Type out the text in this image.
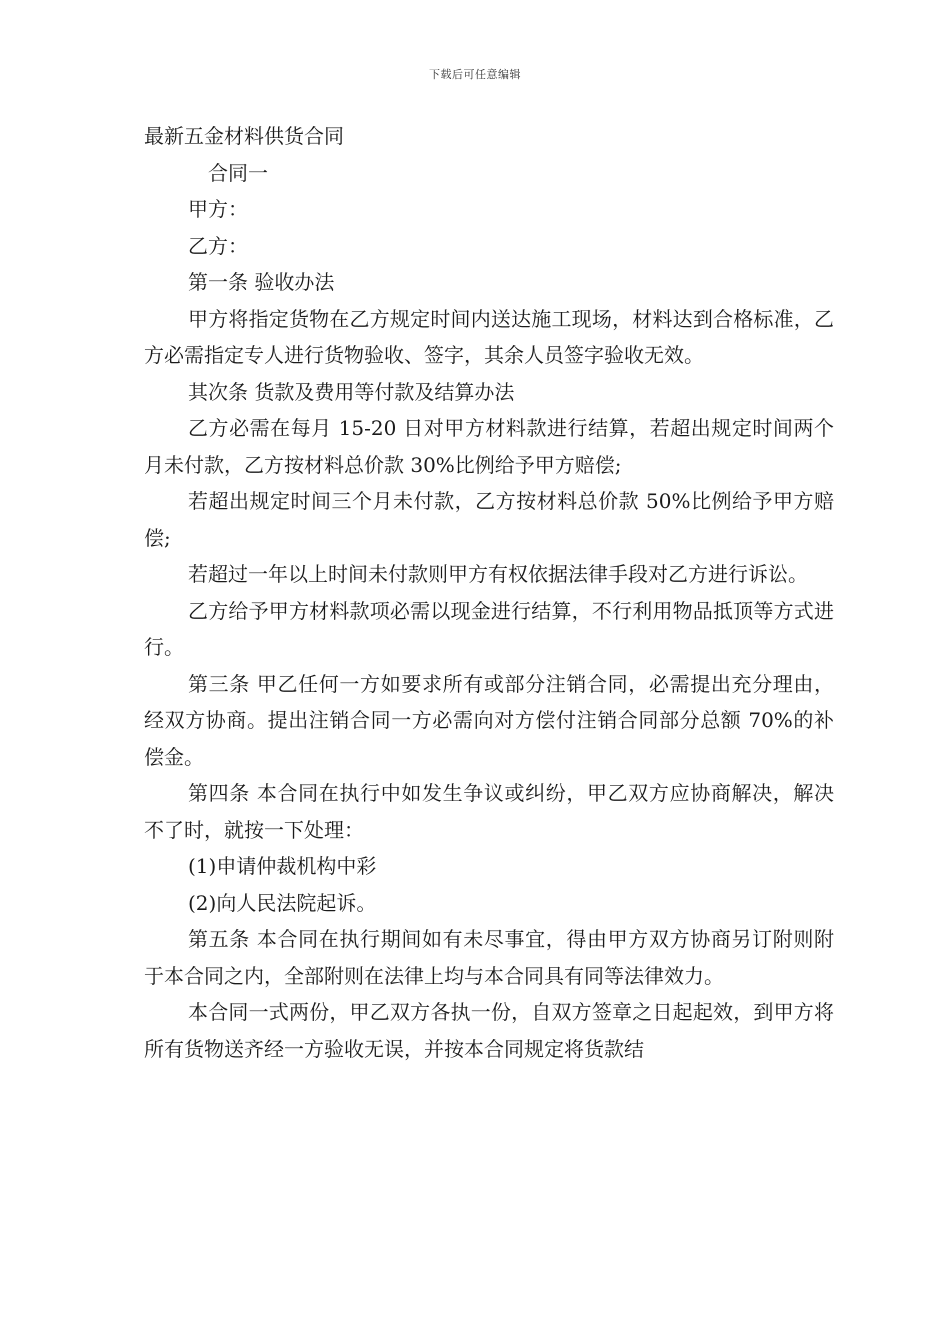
下载后可任意编辑

最新五金材料供货合同

合同一

甲方：

乙方：

第一条 验收办法

甲方将指定货物在乙方规定时间内送达施工现场，材料达到合格标准，乙方必需指定专人进行货物验收、签字，其余人员签字验收无效。

其次条 货款及费用等付款及结算办法

乙方必需在每月 15-20 日对甲方材料款进行结算，若超出规定时间两个月未付款，乙方按材料总价款 30%比例给予甲方赔偿;

若超出规定时间三个月未付款，乙方按材料总价款 50%比例给予甲方赔偿;

若超过一年以上时间未付款则甲方有权依据法律手段对乙方进行诉讼。

乙方给予甲方材料款项必需以现金进行结算，不行利用物品抵顶等方式进行。

第三条 甲乙任何一方如要求所有或部分注销合同，必需提出充分理由，经双方协商。提出注销合同一方必需向对方偿付注销合同部分总额 70%的补偿金。

第四条 本合同在执行中如发生争议或纠纷，甲乙双方应协商解决，解决不了时，就按一下处理：

(1)申请仲裁机构中彩

(2)向人民法院起诉。

第五条 本合同在执行期间如有未尽事宜，得由甲方双方协商另订附则附于本合同之内，全部附则在法律上均与本合同具有同等法律效力。

本合同一式两份，甲乙双方各执一份，自双方签章之日起起效，到甲方将所有货物送齐经一方验收无误，并按本合同规定将货款结
